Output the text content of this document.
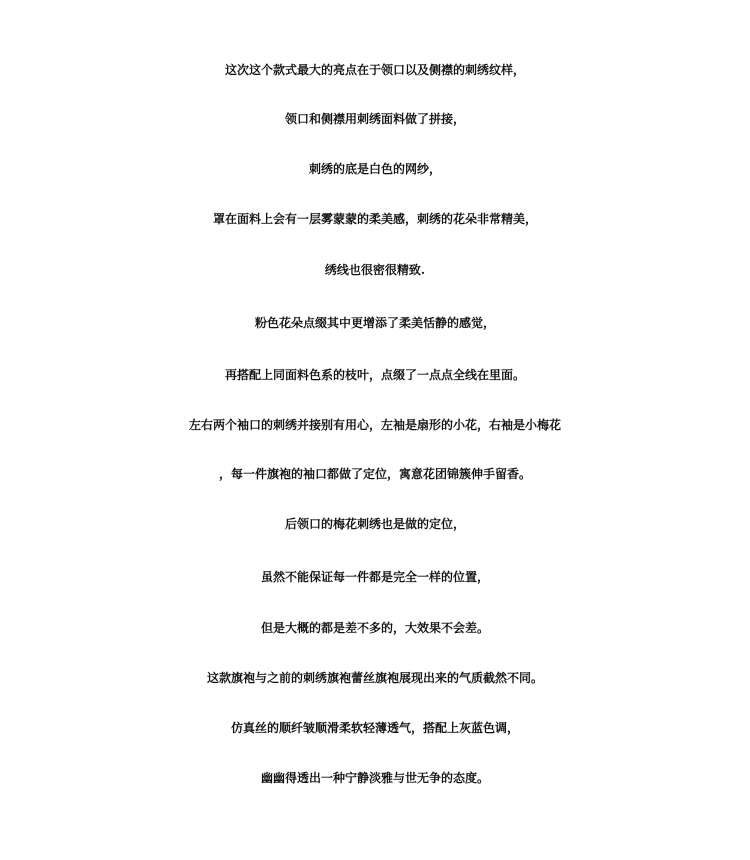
这次这个款式最大的亮点在于领口以及侧襟的刺绣纹样，
领口和侧襟用刺绣面料做了拼接，
刺绣的底是白色的网纱，
罩在面料上会有一层雾蒙蒙的柔美感，刺绣的花朵非常精美，
绣线也很密很精致.
粉色花朵点缀其中更增添了柔美恬静的感觉，
再搭配上同面料色系的枝叶，点缀了一点点全线在里面。
左右两个袖口的刺绣并接别有用心，左袖是扇形的小花，右袖是小梅花
，每一件旗袍的袖口都做了定位，寓意花团锦簇伸手留香。
后领口的梅花刺绣也是做的定位，
虽然不能保证每一件都是完全一样的位置，
但是大概的都是差不多的，大效果不会差。
这款旗袍与之前的刺绣旗袍蕾丝旗袍展现出来的气质截然不同。
仿真丝的顺纤皱顺滑柔软轻薄透气，搭配上灰蓝色调，
幽幽得透出一种宁静淡雅与世无争的态度。
